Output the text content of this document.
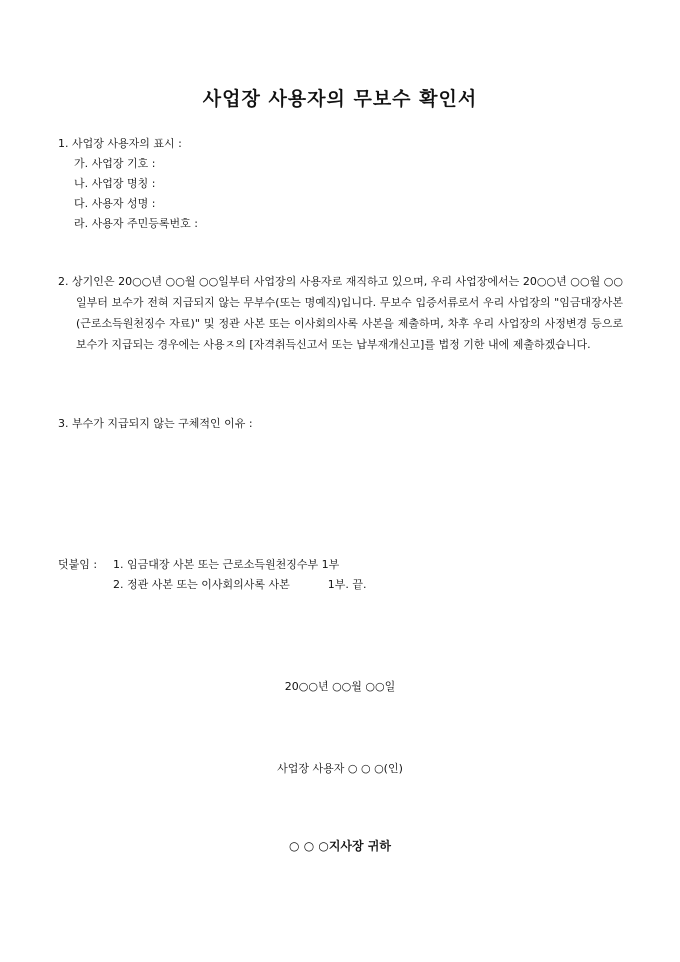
사업장 사용자의 무보수 확인서
1. 사업장 사용자의 표시 :
가. 사업장 기호 :
나. 사업장 명칭 :
다. 사용자 성명 :
라. 사용자 주민등록번호 :
2. 상기인은 20○○년 ○○월 ○○일부터 사업장의 사용자로 재직하고 있으며, 우리 사업장에서는 20○○년 ○○월 ○○일부터 보수가 전혀 지급되지 않는 무부수(또는 명예직)입니다. 무보수 입증서류로서 우리 사업장의 "임금대장사본(근로소득원천징수 자료)" 및 정관 사본 또는 이사회의사록 사본을 제출하며, 차후 우리 사업장의 사정변경 등으로 보수가 지급되는 경우에는 사용ㅈ의 [자격취득신고서 또는 납부재개신고]를 법정 기한 내에 제출하겠습니다.
3. 부수가 지급되지 않는 구체적인 이유 :
덧붙임 :	1. 임금대장 사본 또는 근로소득원천징수부 1부
2. 정관 사본 또는 이사회의사록 사본	1부. 끝.
20○○년 ○○월 ○○일
사업장 사용자 ○ ○ ○(인)
○ ○ ○지사장 귀하
